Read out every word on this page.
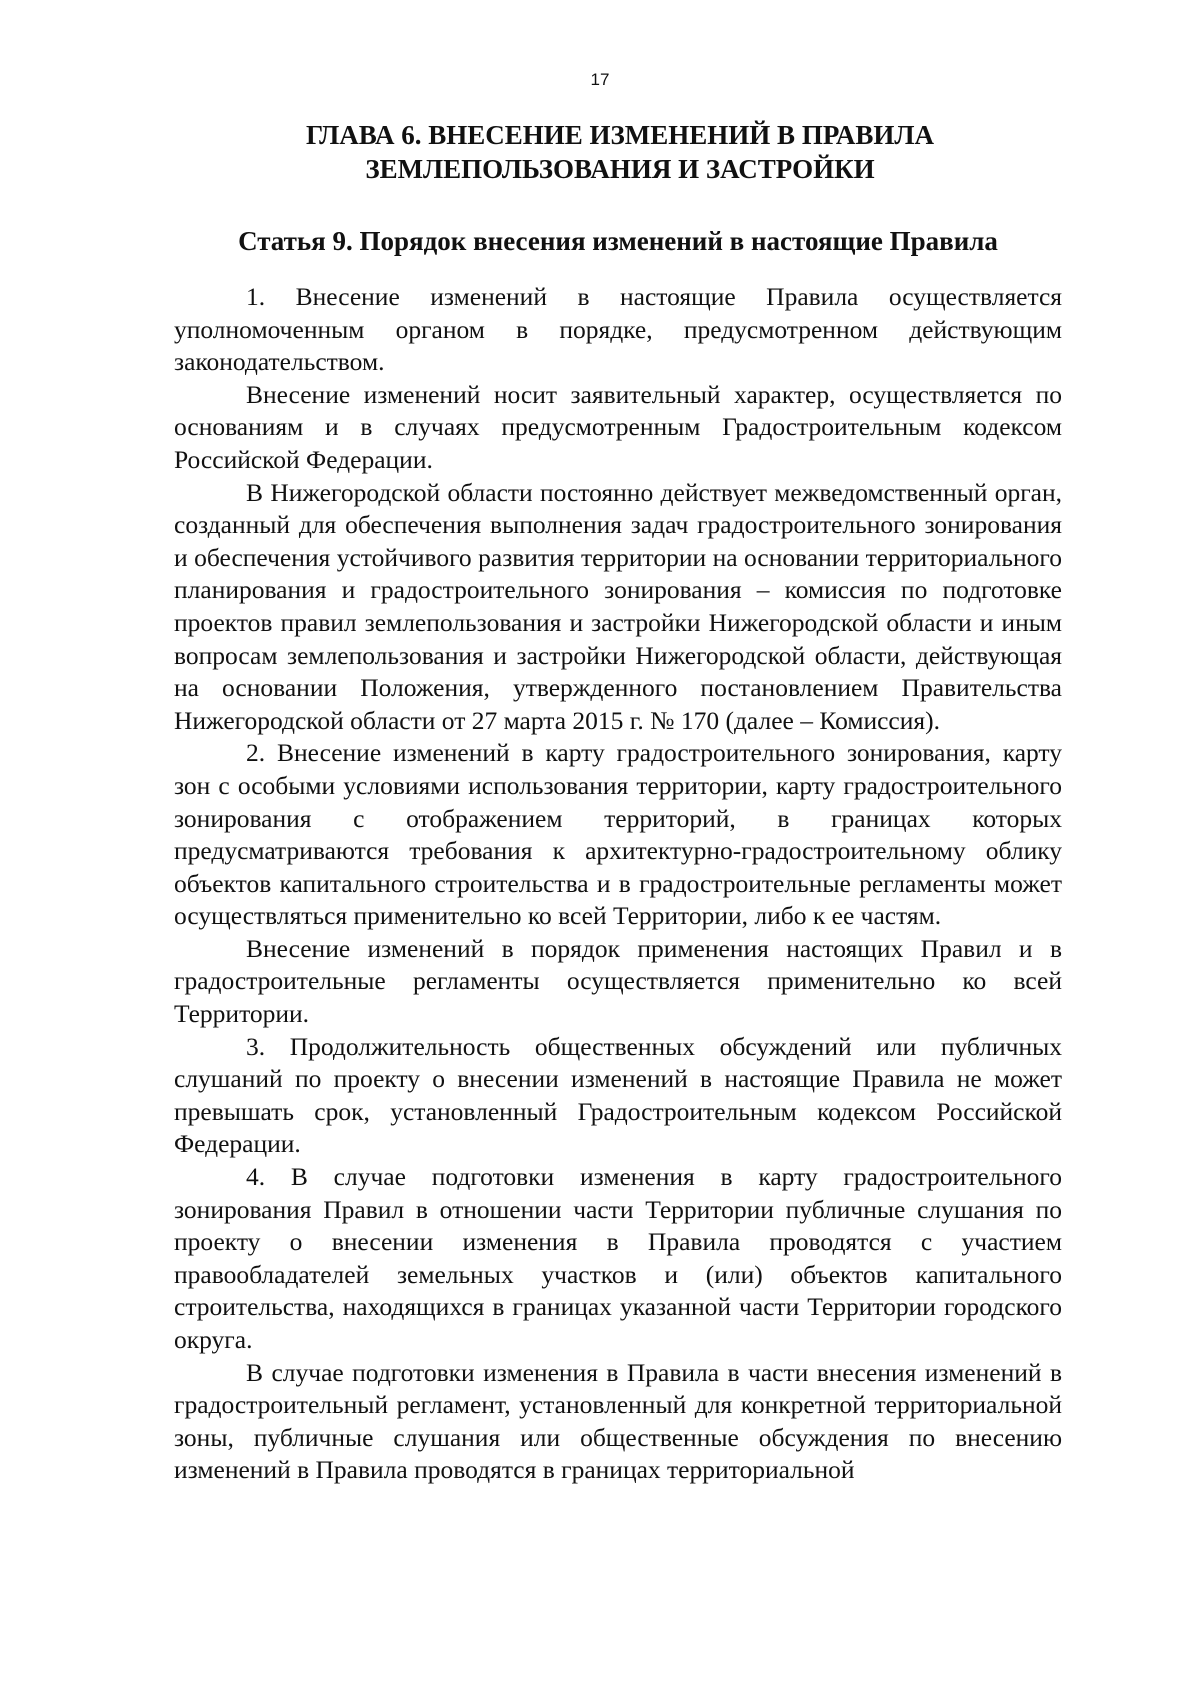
17
ГЛАВА 6. ВНЕСЕНИЕ ИЗМЕНЕНИЙ В ПРАВИЛА
ЗЕМЛЕПОЛЬЗОВАНИЯ И ЗАСТРОЙКИ
Статья 9. Порядок внесения изменений в настоящие Правила

1. Внесение изменений в настоящие Правила осуществляется уполномоченным органом в порядке, предусмотренном действующим законодательством.

Внесение изменений носит заявительный характер, осуществляется по основаниям и в случаях предусмотренным Градостроительным кодексом Российской Федерации.

В Нижегородской области постоянно действует межведомственный орган, созданный для обеспечения выполнения задач градостроительного зонирования и обеспечения устойчивого развития территории на основании территориального планирования и градостроительного зонирования – комиссия по подготовке проектов правил землепользования и застройки Нижегородской области и иным вопросам землепользования и застройки Нижегородской области, действующая на основании Положения, утвержденного постановлением Правительства Нижегородской области от 27 марта 2015 г. № 170 (далее – Комиссия).

2. Внесение изменений в карту градостроительного зонирования, карту зон с особыми условиями использования территории, карту градостроительного зонирования с отображением территорий, в границах которых предусматриваются требования к архитектурно-градостроительному облику объектов капитального строительства и в градостроительные регламенты может осуществляться применительно ко всей Территории, либо к ее частям.

Внесение изменений в порядок применения настоящих Правил и в градостроительные регламенты осуществляется применительно ко всей Территории.

3. Продолжительность общественных обсуждений или публичных слушаний по проекту о внесении изменений в настоящие Правила не может превышать срок, установленный Градостроительным кодексом Российской Федерации.

4. В случае подготовки изменения в карту градостроительного зонирования Правил в отношении части Территории публичные слушания по проекту о внесении изменения в Правила проводятся с участием правообладателей земельных участков и (или) объектов капитального строительства, находящихся в границах указанной части Территории городского округа.

В случае подготовки изменения в Правила в части внесения изменений в градостроительный регламент, установленный для конкретной территориальной зоны, публичные слушания или общественные обсуждения по внесению изменений в Правила проводятся в границах территориальной
